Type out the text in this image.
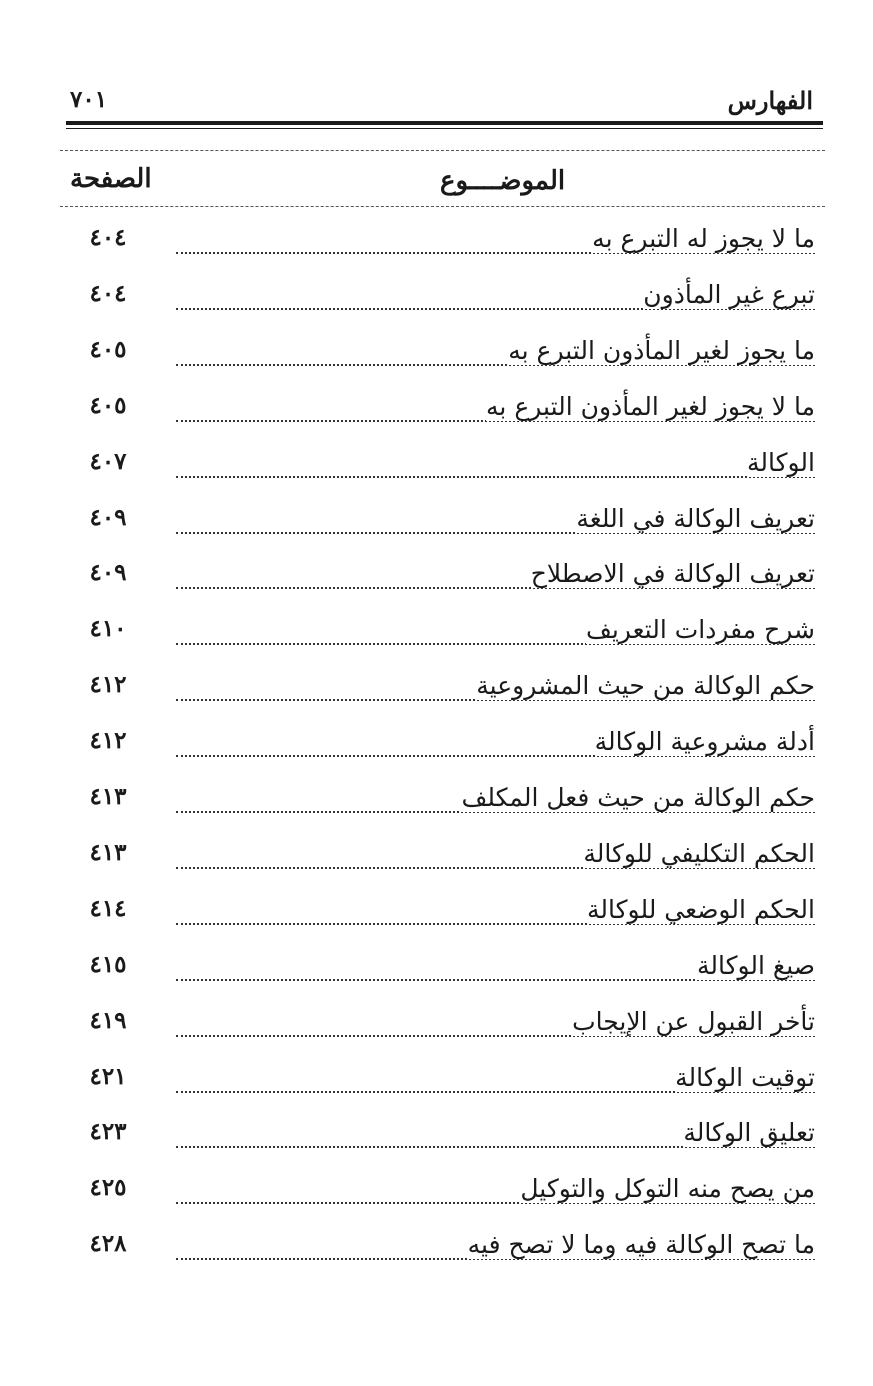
الفهارس
٧٠١
الموضــــوع
الصفحة
ما لا يجوز له التبرع به
٤٠٤
تبرع غير المأذون
٤٠٤
ما يجوز لغير المأذون التبرع به
٤٠٥
ما لا يجوز لغير المأذون التبرع به
٤٠٥
الوكالة
٤٠٧
تعريف الوكالة في اللغة
٤٠٩
تعريف الوكالة في الاصطلاح
٤٠٩
شرح مفردات التعريف
٤١٠
حكم الوكالة من حيث المشروعية
٤١٢
أدلة مشروعية الوكالة
٤١٢
حكم الوكالة من حيث فعل المكلف
٤١٣
الحكم التكليفي للوكالة
٤١٣
الحكم الوضعي للوكالة
٤١٤
صيغ الوكالة
٤١٥
تأخر القبول عن الإيجاب
٤١٩
توقيت الوكالة
٤٢١
تعليق الوكالة
٤٢٣
من يصح منه التوكل والتوكيل
٤٢٥
ما تصح الوكالة فيه وما لا تصح فيه
٤٢٨
